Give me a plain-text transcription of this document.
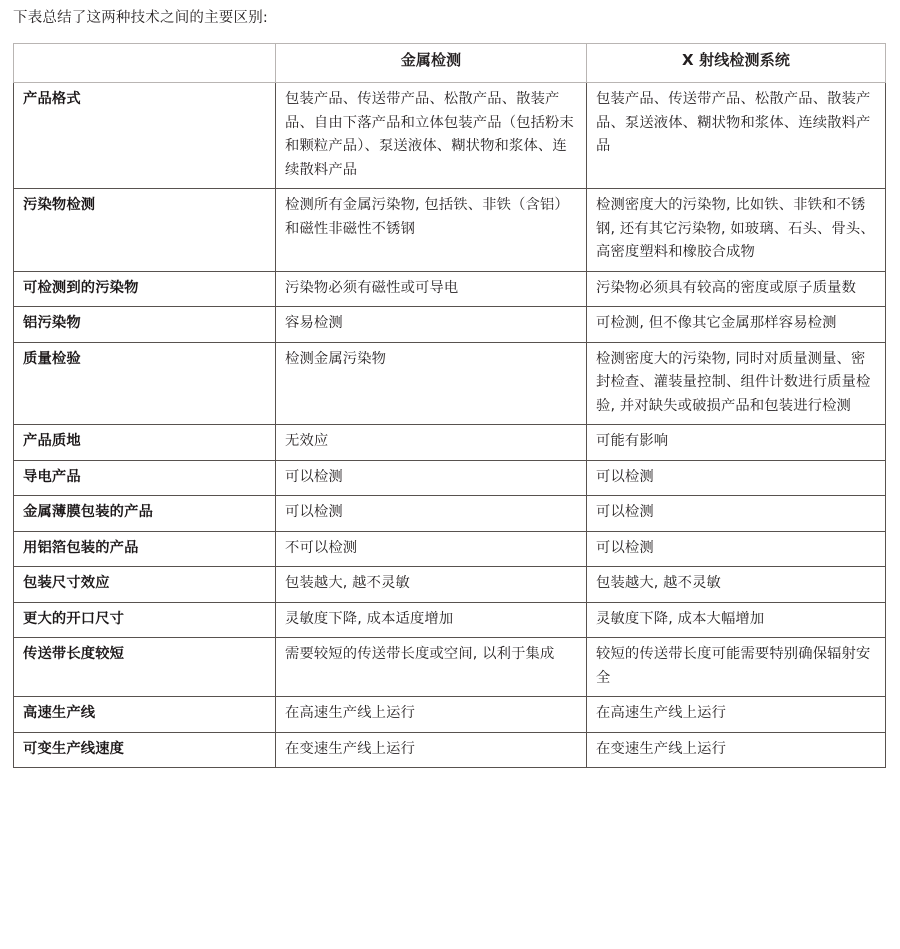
下表总结了这两种技术之间的主要区别:
	金属检测	X 射线检测系统
产品格式	包装产品、传送带产品、松散产品、散装产品、自由下落产品和立体包装产品（包括粉末和颗粒产品）、泵送液体、糊状物和浆体、连续散料产品	包装产品、传送带产品、松散产品、散装产品、泵送液体、糊状物和浆体、连续散料产品
污染物检测	检测所有金属污染物, 包括铁、非铁（含铝）和磁性非磁性不锈钢	检测密度大的污染物, 比如铁、非铁和不锈钢, 还有其它污染物, 如玻璃、石头、骨头、高密度塑料和橡胶合成物
可检测到的污染物	污染物必须有磁性或可导电	污染物必须具有较高的密度或原子质量数
铝污染物	容易检测	可检测, 但不像其它金属那样容易检测
质量检验	检测金属污染物	检测密度大的污染物, 同时对质量测量、密封检查、灌装量控制、组件计数进行质量检验, 并对缺失或破损产品和包装进行检测
产品质地	无效应	可能有影响
导电产品	可以检测	可以检测
金属薄膜包装的产品	可以检测	可以检测
用铝箔包装的产品	不可以检测	可以检测
包装尺寸效应	包装越大, 越不灵敏	包装越大, 越不灵敏
更大的开口尺寸	灵敏度下降, 成本适度增加	灵敏度下降, 成本大幅增加
传送带长度较短	需要较短的传送带长度或空间, 以利于集成	较短的传送带长度可能需要特别确保辐射安全
高速生产线	在高速生产线上运行	在高速生产线上运行
可变生产线速度	在变速生产线上运行	在变速生产线上运行
